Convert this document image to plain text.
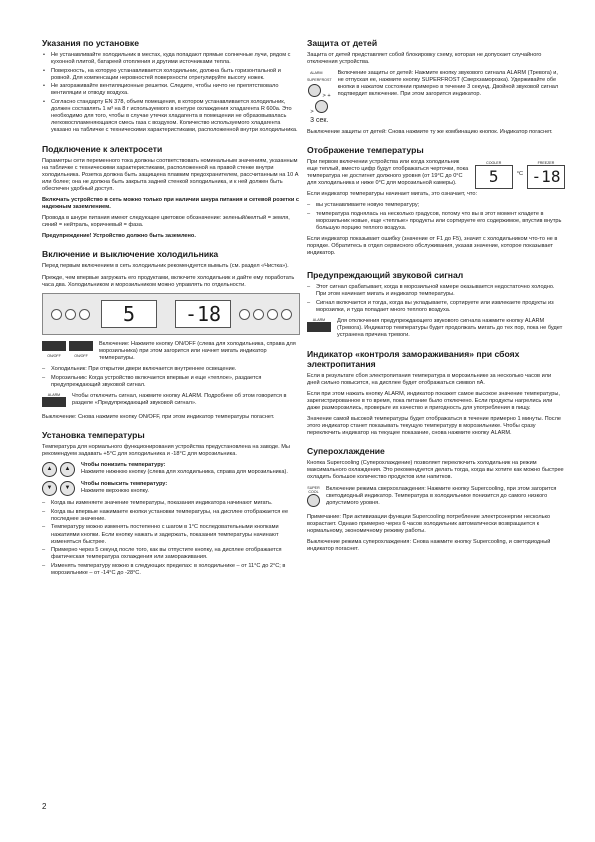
Указания по установке
• Не устанавливайте холодильник в местах, куда попадают прямые солнечные лучи, рядом с кухонной плитой, батареей отопления и другими источниками тепла.
• Поверхность, на которую устанавливается холодильник, должна быть горизонтальной и ровной. Для компенсации неровностей поверхности отрегулируйте высоту ножек.
• Не загораживайте вентиляционные решетки. Следите, чтобы ничто не препятствовало вентиляции и отводу воздуха.
• Согласно стандарту EN 378, объем помещения, в котором устанавливается холодильник, должен составлять 1 м³ на 8 г используемого в контуре охлаждения хладагента R 600a. Это необходимо для того, чтобы в случае утечки хладагента в помещении не образовывалась легковоспламеняющаяся смесь газа с воздухом. Количество используемого хладагента указано на табличке с техническими характеристиками, расположенной внутри холодильника.
Подключение к электросети

Параметры сети переменного тока должны соответствовать номинальным значениям, указанным на табличке с техническими характеристиками, расположенной на правой стенке внутри холодильника. Розетка должна быть защищена плавким предохранителем, рассчитанным на 10 А или более; она не должна быть закрыта задней стенкой холодильника, и к ней должен быть обеспечен удобный доступ.

Включать устройство в сеть можно только при наличии шнура питания и сетевой розетки с надежным заземлением.

Провода в шнуре питания имеют следующее цветовое обозначение: зеленый/желтый = земля, синий = нейтраль, коричневый = фаза.

Предупреждение! Устройство должно быть заземлено.

Включение и выключение холодильника

Перед первым включением в сеть холодильник рекомендуется вымыть (см. раздел «Чистка»).

Прежде, чем впервые загружать его продуктами, включите холодильник и дайте ему поработать часа два. Холодильником и морозильником можно управлять по отдельности.

5	-18
ON/OFF	ON/OFF
Включение: Нажмите кнопку ON/OFF (слева для холодильника, справа для морозильника) при этом загорится или начнет мигать индикатор температуры.
– Холодильник: При открытии двери включается внутреннее освещение.
– Морозильник: Когда устройство включается впервые и еще «теплое», раздается предупреждающий звуковой сигнал.
ALARM	Чтобы отключить сигнал, нажмите кнопку ALARM. Подробнее об этом говорится в разделе «Предупреждающий звуковой сигнал».

Выключение: Снова нажмите кнопку ON/OFF, при этом индикатор температуры погаснет.

Установка температуры

Температура для нормального функционирования устройства предустановлена на заводе. Мы рекомендуем задавать +5°C для холодильника и -18°C для морозильника.

▲	▲
Чтобы понизить температуру:
Нажмите нижнюю кнопку (слева для холодильника, справа для морозильника).
▼	▼
Чтобы повысить температуру:
Нажмите верхнюю кнопку.
– Когда вы изменяете значение температуры, показания индикатора начинают мигать.
– Когда вы впервые нажимаете кнопки установки температуры, на дисплее отображается ее последнее значение.
– Температуру можно изменять постепенно с шагом в 1°C последовательными кнопками нажатиями кнопки. Если кнопку нажать и задержать, показания температуры начинают изменяться быстрее.
– Примерно через 5 секунд после того, как вы отпустите кнопку, на дисплее отображается фактическая температура охлаждения или замораживания.
– Изменять температуру можно в следующих пределах: в холодильнике – от 11°C до 2°C; в морозильнике – от -14°C до -28°C.
Защита от детей

Защита от детей представляет собой блокировку схему, которая не допускает случайного отключения устройства.

ALARMSUPERFROST
> + >
3 сек.
Включение защиты от детей: Нажмите кнопку звукового сигнала ALARM (Тревога) и, не отпуская ее, нажмите кнопку SUPERFROST (Сверхзаморозка). Удерживайте обе кнопки в нажатом состоянии примерно в течение 3 секунд. Двойной звуковой сигнал подтвердит включение. При этом загорится индикатор.

Выключение защиты от детей: Снова нажмите ту же комбинацию кнопок. Индикатор погаснет.

Отображение температуры
COOLER
5	°C
FREEZER
-18

При первом включении устройства или когда холодильник еще теплый, вместо цифр будут отображаться черточки, пока температура не достигнет должного уровня (от 19°C до 0°C для холодильника и ниже 0°C для морозильной камеры).

Если индикатор температуры начинает мигать, это означает, что:

– вы устанавливаете новую температуру;
– температура поднялась на несколько градусов, потому что вы в этот момент кладете в морозильник новые, еще «теплые» продукты или сортируете его содержимое, впустив внутрь большую порцию теплого воздуха.

Если индикатор показывает ошибку (значение от F1 до F5), значит с холодильником что-то не в порядке. Обратитесь в отдел сервисного обслуживания, указав значение, которое показывает индикатор.

Предупреждающий звуковой сигнал
– Этот сигнал срабатывает, когда в морозильной камере оказывается недостаточно холодно. При этом начинает мигать и индикатор температуры.
– Сигнал включается и тогда, когда вы укладываете, сортируете или извлекаете продукты из морозилки, и туда попадает много теплого воздуха.
ALARM	Для отключения предупреждающего звукового сигнала нажмите кнопку ALARM (Тревога). Индикатор температуры будет продолжать мигать до тех пор, пока не будет устранена причина тревоги.
Индикатор «контроля замораживания» при сбоях электропитания

Если в результате сбоя электропитания температура в морозильнике за несколько часов или дней сильно повысится, на дисплее будет отображаться символ пА.

Если при этом нажать кнопку ALARM, индикатор покажет самое высокое значение температуры, зарегистрированное в то время, пока питание было отключено. Если продукты нагрелись или даже разморозились, проверьте их качество и пригодность для употребления в пищу.

Значение самой высокой температуры будет отображаться в течение примерно 1 минуты. После этого индикатор станет показывать текущую температуру в морозильнике. Чтобы сразу переключить индикатор на текущее показание, снова нажмите кнопку ALARM.

Суперохлаждение

Кнопка Supercooling (Суперохлаждение) позволяет переключить холодильник на режим максимального охлаждения. Это рекомендуется делать тогда, когда вы хотите как можно быстрее охладить большое количество продуктов или напитков.

SUPER COOL Включение режима сверхохлаждения: Нажмите кнопку Supercooling, при этом загорится светодиодный индикатор. Температура в холодильнике понизится до самого низкого допустимого уровня.

Примечание: При активизации функции Supercooling потребление электроэнергии несколько возрастает. Однако примерно через 6 часов холодильник автоматически возвращается к нормальному, экономичному режиму работы.

Выключение режима суперохлаждения: Снова нажмите кнопку Supercooling, и светодиодный индикатор погаснет.

2
